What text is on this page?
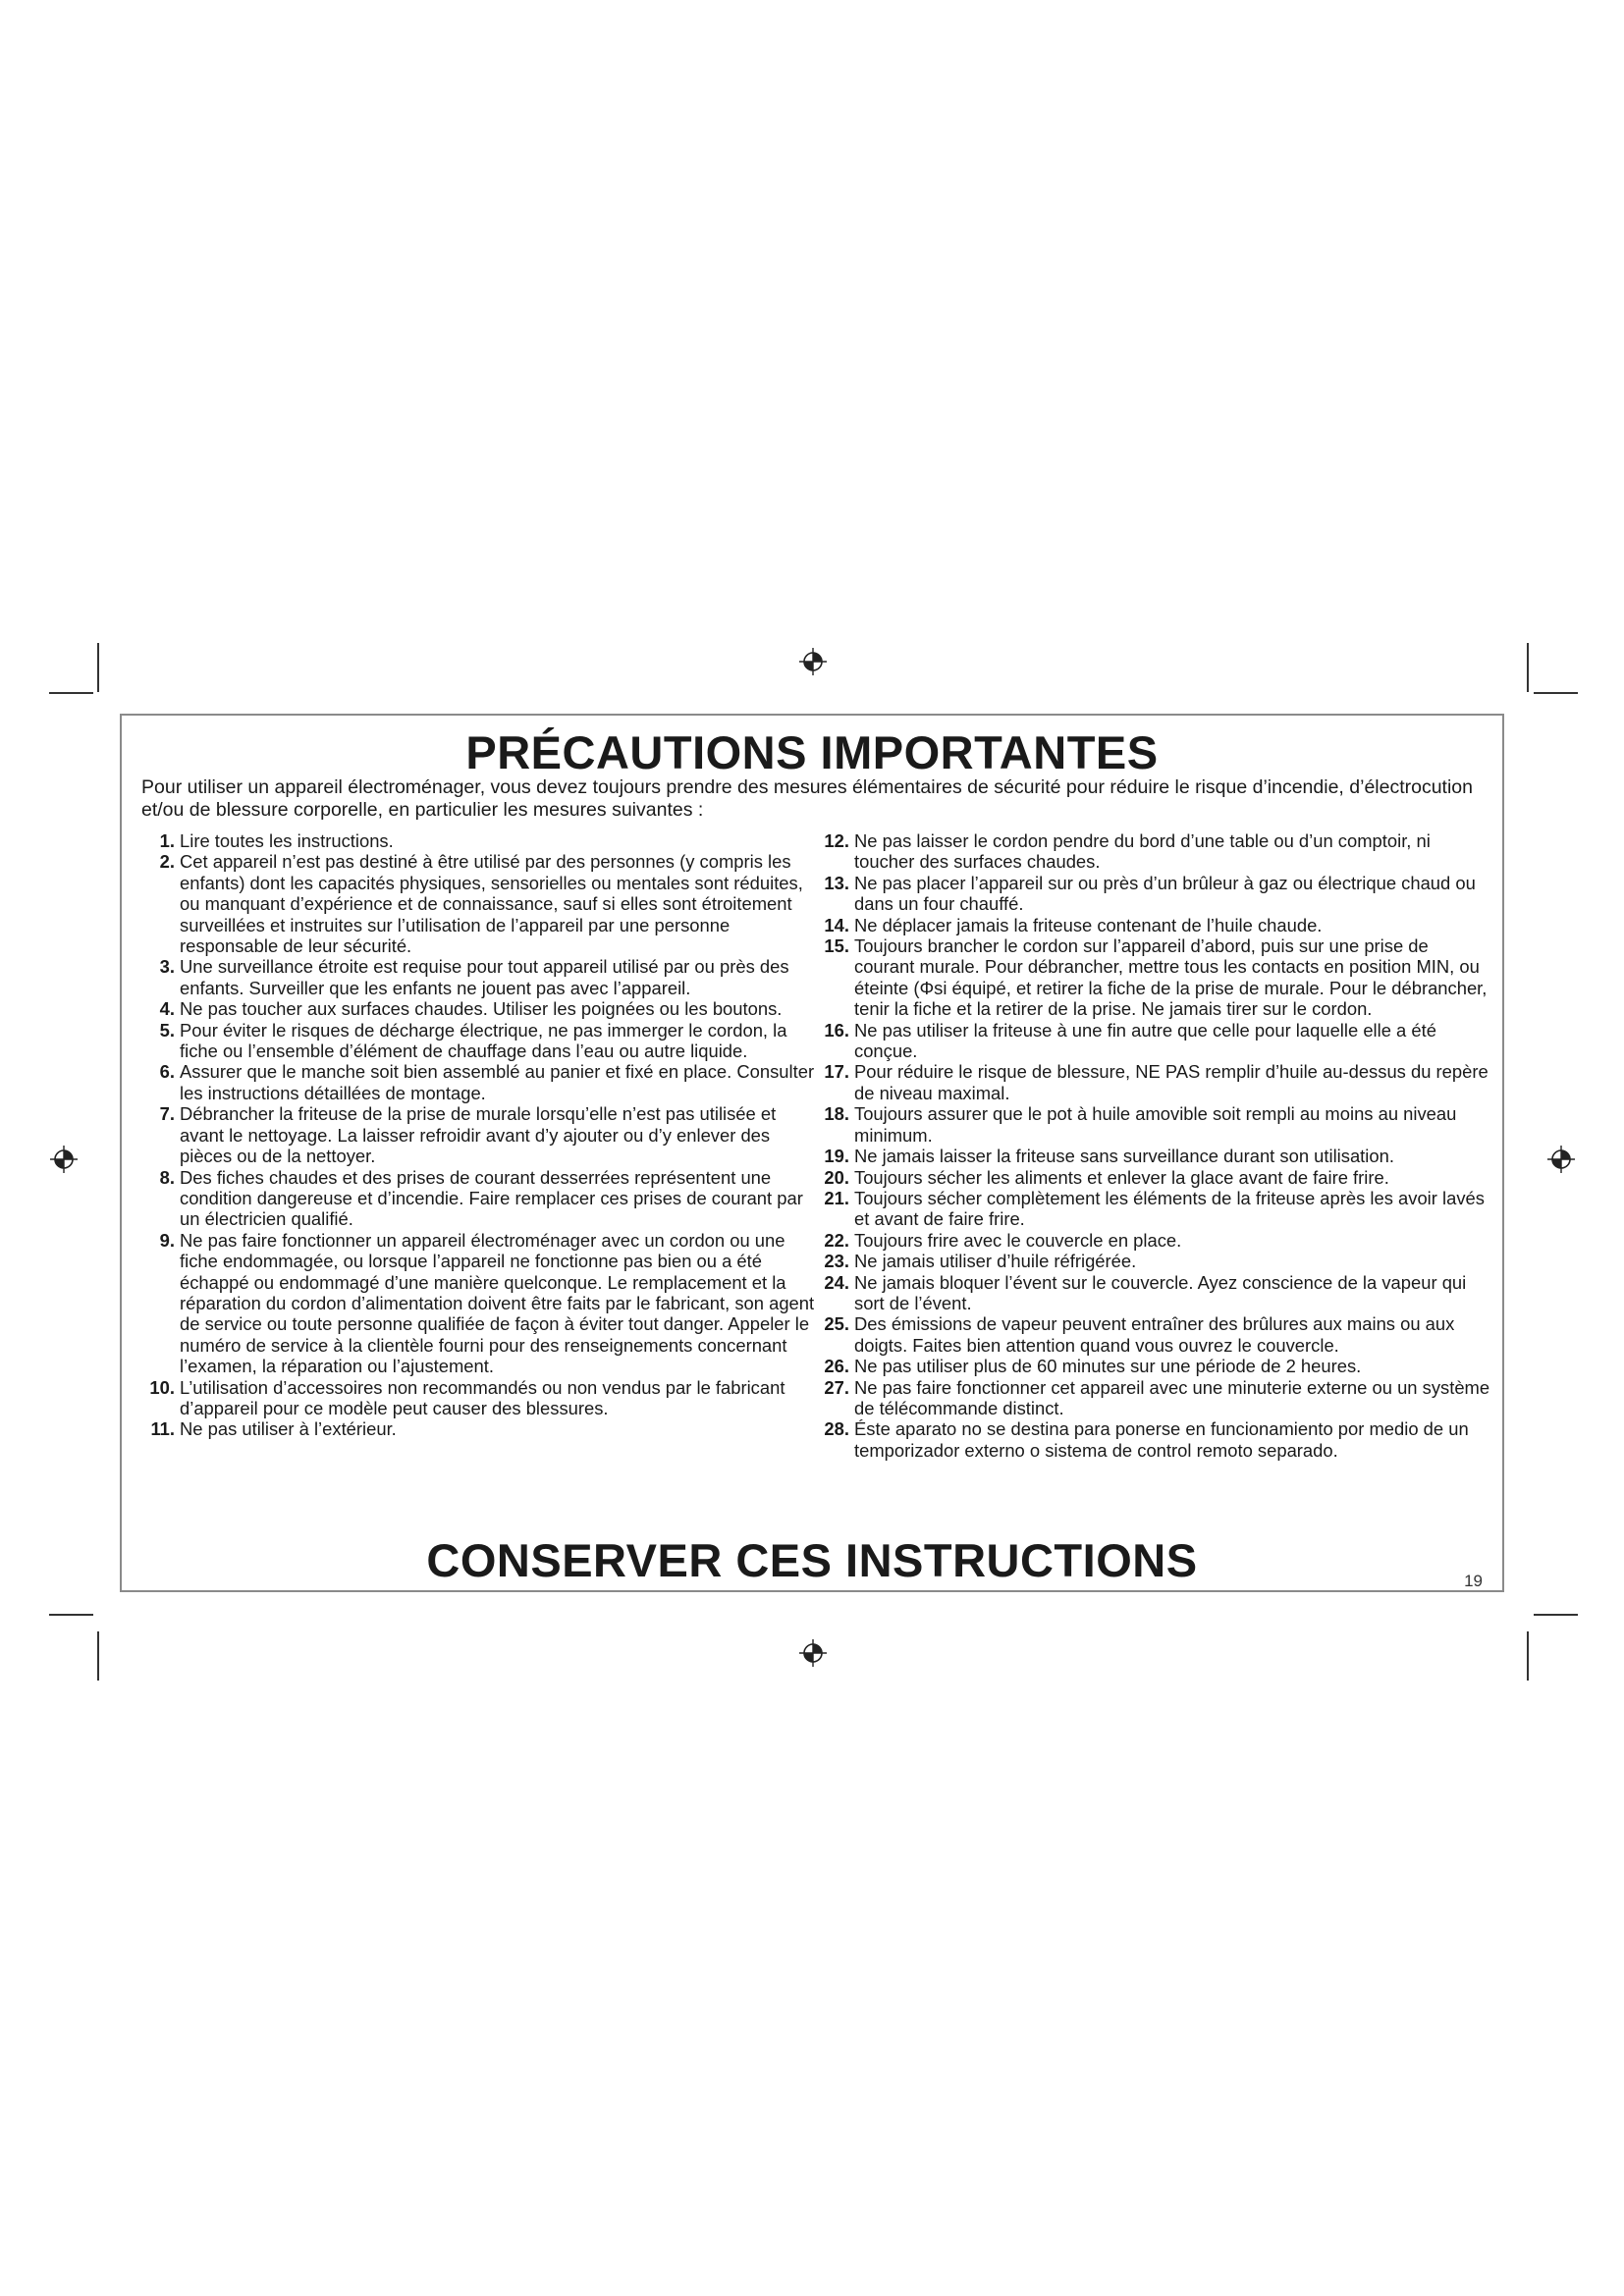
PRÉCAUTIONS IMPORTANTES

Pour utiliser un appareil électroménager, vous devez toujours prendre des mesures élémentaires de sécurité pour réduire le risque d’incendie, d’électrocution et/ou de blessure corporelle, en particulier les mesures suivantes :

1. Lire toutes les instructions.
2. Cet appareil n’est pas destiné à être utilisé par des personnes (y compris les enfants) dont les capacités physiques, sensorielles ou mentales sont réduites, ou manquant d’expérience et de connaissance, sauf si elles sont étroitement surveillées et instruites sur l’utilisation de l’appareil par une personne responsable de leur sécurité.
3. Une surveillance étroite est requise pour tout appareil utilisé par ou près des enfants. Surveiller que les enfants ne jouent pas avec l’appareil.
4. Ne pas toucher aux surfaces chaudes. Utiliser les poignées ou les boutons.
5. Pour éviter le risques de décharge électrique, ne pas immerger le cordon, la fiche ou l’ensemble d’élément de chauffage dans l’eau ou autre liquide.
6. Assurer que le manche soit bien assemblé au panier et fixé en place. Consulter les instructions détaillées de montage.
7. Débrancher la friteuse de la prise de murale lorsqu’elle n’est pas utilisée et avant le nettoyage. La laisser refroidir avant d’y ajouter ou d’y enlever des pièces ou de la nettoyer.
8. Des fiches chaudes et des prises de courant desserrées représentent une condition dangereuse et d’incendie. Faire remplacer ces prises de courant par un électricien qualifié.
9. Ne pas faire fonctionner un appareil électroménager avec un cordon ou une fiche endommagée, ou lorsque l’appareil ne fonctionne pas bien ou a été échappé ou endommagé d’une manière quelconque. Le remplacement et la réparation du cordon d’alimentation doivent être faits par le fabricant, son agent de service ou toute personne qualifiée de façon à éviter tout danger. Appeler le numéro de service à la clientèle fourni pour des renseignements concernant l’examen, la réparation ou l’ajustement.
10. L’utilisation d’accessoires non recommandés ou non vendus par le fabricant d’appareil pour ce modèle peut causer des blessures.
11. Ne pas utiliser à l’extérieur.
12. Ne pas laisser le cordon pendre du bord d’une table ou d’un comptoir, ni toucher des surfaces chaudes.
13. Ne pas placer l’appareil sur ou près d’un brûleur à gaz ou électrique chaud ou dans un four chauffé.
14. Ne déplacer jamais la friteuse contenant de l’huile chaude.
15. Toujours brancher le cordon sur l’appareil d’abord, puis sur une prise de courant murale. Pour débrancher, mettre tous les contacts en position MIN, ou éteinte (Φsi équipé, et retirer la fiche de la prise de murale. Pour le débrancher, tenir la fiche et la retirer de la prise. Ne jamais tirer sur le cordon.
16. Ne pas utiliser la friteuse à une fin autre que celle pour laquelle elle a été conçue.
17. Pour réduire le risque de blessure, NE PAS remplir d’huile au-dessus du repère de niveau maximal.
18. Toujours assurer que le pot à huile amovible soit rempli au moins au niveau minimum.
19. Ne jamais laisser la friteuse sans surveillance durant son utilisation.
20. Toujours sécher les aliments et enlever la glace avant de faire frire.
21. Toujours sécher complètement les éléments de la friteuse après les avoir lavés et avant de faire frire.
22. Toujours frire avec le couvercle en place.
23. Ne jamais utiliser d’huile réfrigérée.
24. Ne jamais bloquer l’évent sur le couvercle. Ayez conscience de la vapeur qui sort de l’évent.
25. Des émissions de vapeur peuvent entraîner des brûlures aux mains ou aux doigts. Faites bien attention quand vous ouvrez le couvercle.
26. Ne pas utiliser plus de 60 minutes sur une période de 2 heures.
27. Ne pas faire fonctionner cet appareil avec une minuterie externe ou un système de télécommande distinct.
28. Éste aparato no se destina para ponerse en funcionamiento por medio de un temporizador externo o sistema de control remoto separado.
CONSERVER CES INSTRUCTIONS	19
